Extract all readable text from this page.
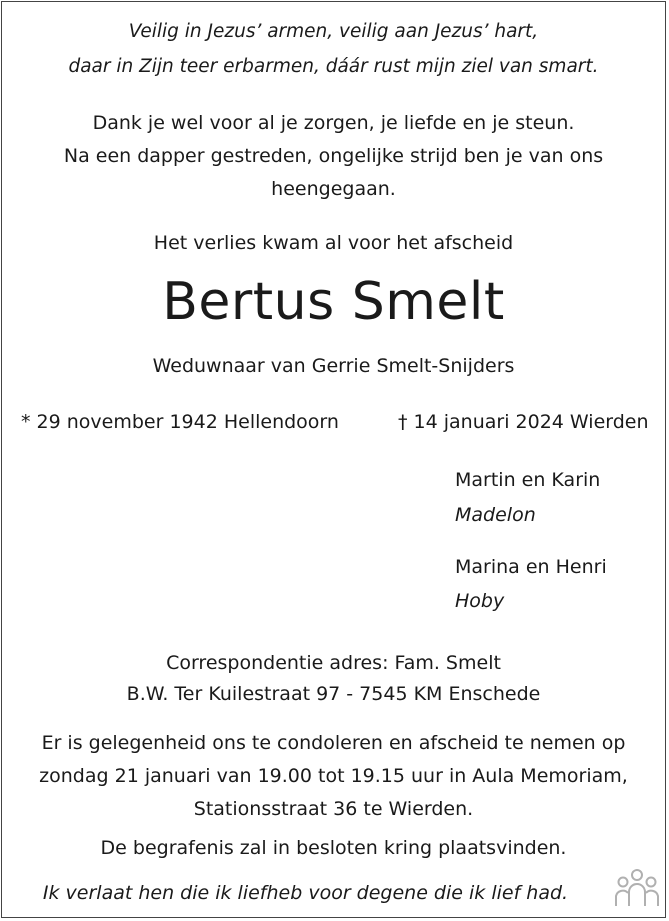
Veilig in Jezus’ armen, veilig aan Jezus’ hart,
daar in Zijn teer erbarmen, dáár rust mijn ziel van smart.
Dank je wel voor al je zorgen, je liefde en je steun.
Na een dapper gestreden, ongelijke strijd ben je van ons
heengegaan.
Het verlies kwam al voor het afscheid
Bertus Smelt
Weduwnaar van Gerrie Smelt-Snijders
* 29 november 1942 Hellendoorn	† 14 januari 2024 Wierden
Martin en Karin
Madelon
Marina en Henri
Hoby
Correspondentie adres: Fam. Smelt
B.W. Ter Kuilestraat 97 - 7545 KM Enschede
Er is gelegenheid ons te condoleren en afscheid te nemen op
zondag 21 januari van 19.00 tot 19.15 uur in Aula Memoriam,
Stationsstraat 36 te Wierden.
De begrafenis zal in besloten kring plaatsvinden.
Ik verlaat hen die ik liefheb voor degene die ik lief had.
